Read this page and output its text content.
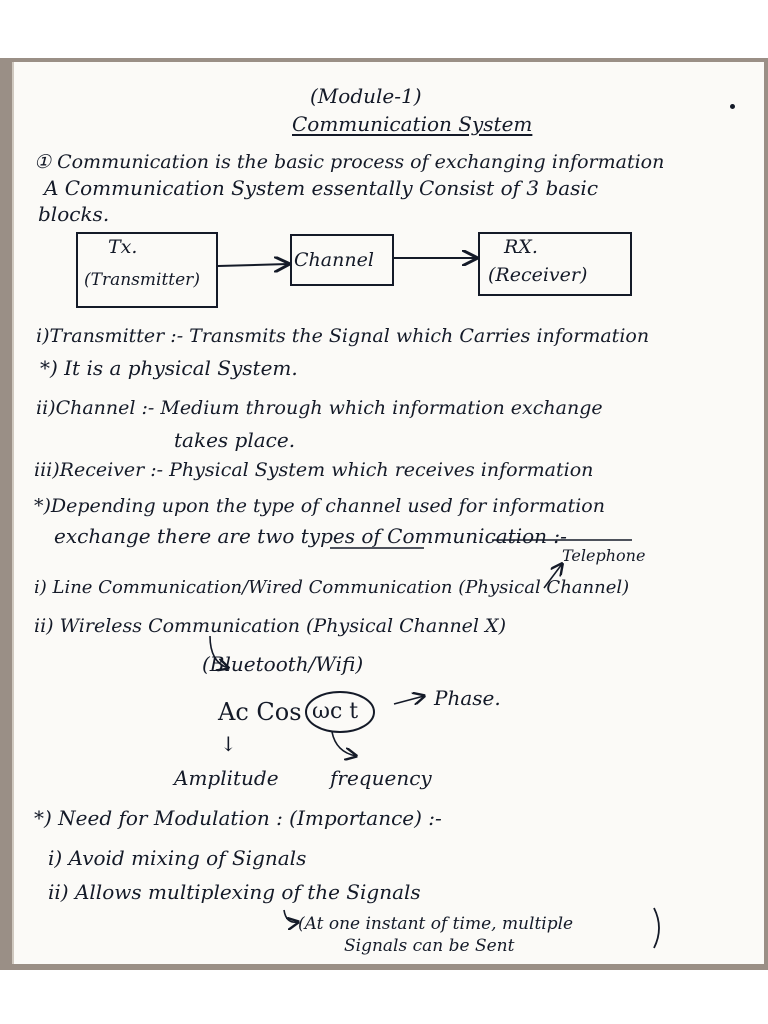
(Module-1)
Communication System
① Communication is the basic process of exchanging information
A Communication System essentally Consist of 3 basic
blocks.
Tx.
(Transmitter)
Channel
RX.
(Receiver)
i)Transmitter :- Transmits the Signal which Carries information
*) It is a physical System.
ii)Channel :- Medium through which information exchange
takes place.
iii)Receiver :- Physical System which receives information
*)Depending upon the type of channel used for information
exchange there are two types of Communication :-
Telephone
i) Line Communication/Wired Communication (Physical Channel)
ii) Wireless Communication (Physical Channel X)
(Bluetooth/Wifi)
Ac Cos ωc t
Phase.
↓
Amplitude	frequency
*) Need for Modulation : (Importance) :-
i) Avoid mixing of Signals
ii) Allows multiplexing of the Signals
(At one instant of time, multiple
Signals can be Sent
